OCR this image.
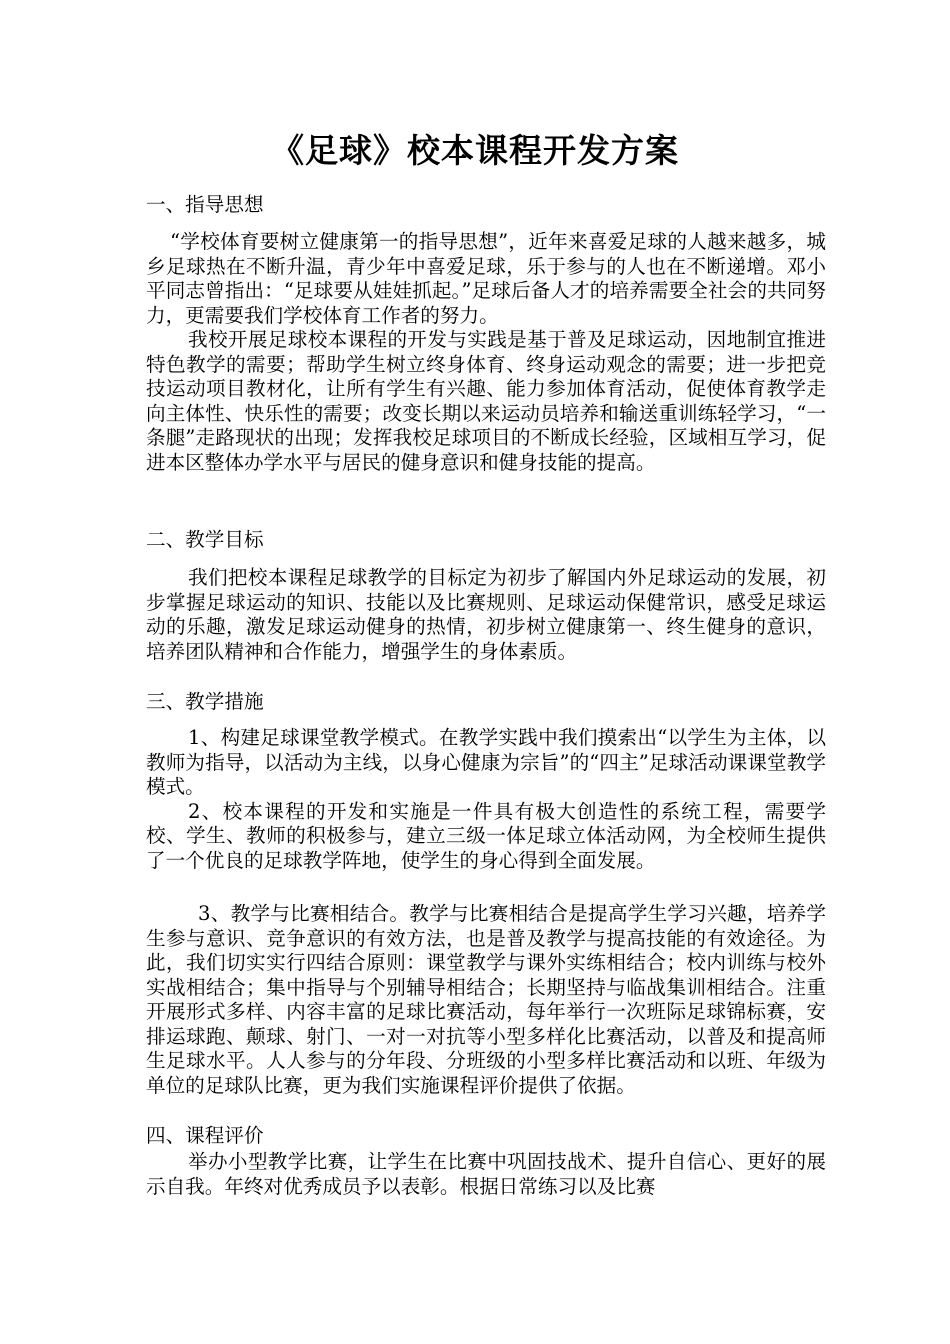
《足球》校本课程开发方案
一、指导思想

“学校体育要树立健康第一的指导思想”，近年来喜爱足球的人越来越多，城乡足球热在不断升温，青少年中喜爱足球，乐于参与的人也在不断递增。邓小平同志曾指出：“足球要从娃娃抓起。”足球后备人才的培养需要全社会的共同努力，更需要我们学校体育工作者的努力。

我校开展足球校本课程的开发与实践是基于普及足球运动，因地制宜推进特色教学的需要；帮助学生树立终身体育、终身运动观念的需要；进一步把竞技运动项目教材化，让所有学生有兴趣、能力参加体育活动，促使体育教学走向主体性、快乐性的需要；改变长期以来运动员培养和输送重训练轻学习，“一条腿”走路现状的出现；发挥我校足球项目的不断成长经验，区域相互学习，促进本区整体办学水平与居民的健身意识和健身技能的提高。

二、教学目标

我们把校本课程足球教学的目标定为初步了解国内外足球运动的发展，初步掌握足球运动的知识、技能以及比赛规则、足球运动保健常识，感受足球运动的乐趣，激发足球运动健身的热情，初步树立健康第一、终生健身的意识，培养团队精神和合作能力，增强学生的身体素质。

三、教学措施

1、构建足球课堂教学模式。在教学实践中我们摸索出“以学生为主体，以教师为指导，以活动为主线，以身心健康为宗旨”的“四主”足球活动课课堂教学模式。

2、校本课程的开发和实施是一件具有极大创造性的系统工程，需要学校、学生、教师的积极参与，建立三级一体足球立体活动网，为全校师生提供了一个优良的足球教学阵地，使学生的身心得到全面发展。

3、教学与比赛相结合。教学与比赛相结合是提高学生学习兴趣，培养学生参与意识、竞争意识的有效方法，也是普及教学与提高技能的有效途径。为此，我们切实实行四结合原则：课堂教学与课外实练相结合；校内训练与校外实战相结合；集中指导与个别辅导相结合；长期坚持与临战集训相结合。注重开展形式多样、内容丰富的足球比赛活动，每年举行一次班际足球锦标赛，安排运球跑、颠球、射门、一对一对抗等小型多样化比赛活动，以普及和提高师生足球水平。人人参与的分年段、分班级的小型多样比赛活动和以班、年级为单位的足球队比赛，更为我们实施课程评价提供了依据。

四、课程评价

举办小型教学比赛，让学生在比赛中巩固技战术、提升自信心、更好的展示自我。年终对优秀成员予以表彰。根据日常练习以及比赛
